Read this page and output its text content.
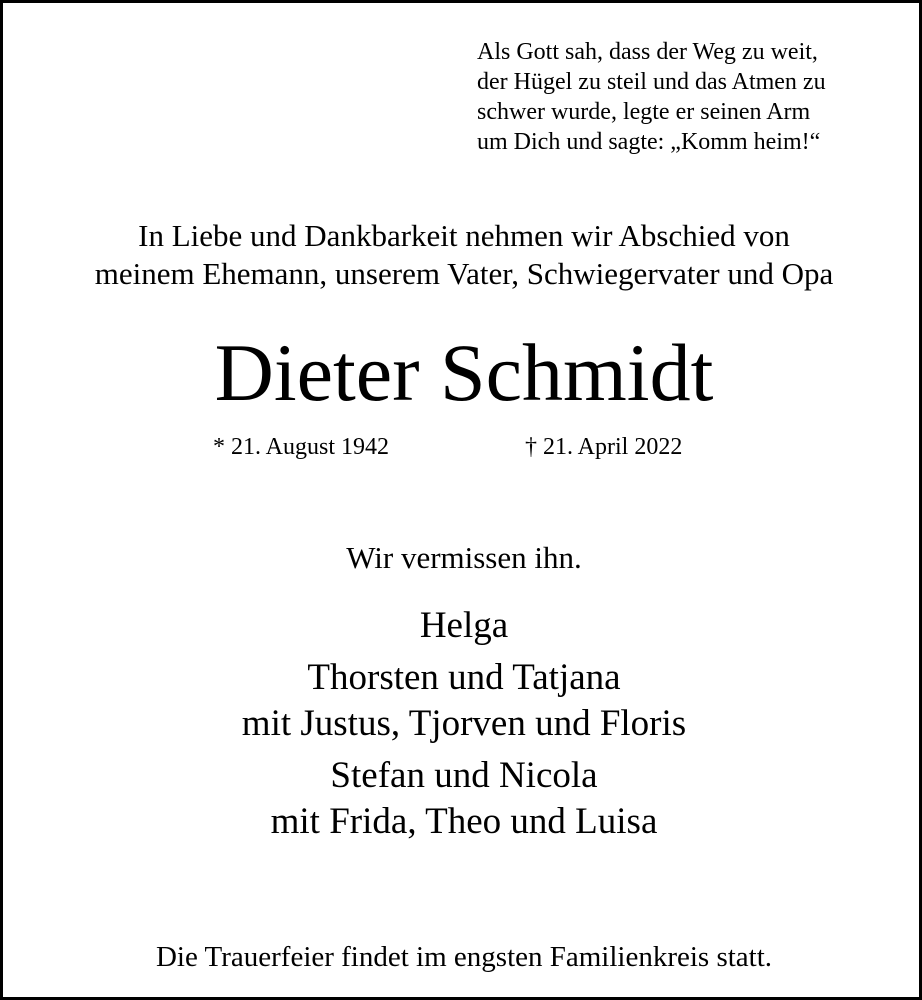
Als Gott sah, dass der Weg zu weit,
der Hügel zu steil und das Atmen zu
schwer wurde, legte er seinen Arm
um Dich und sagte: „Komm heim!“
In Liebe und Dankbarkeit nehmen wir Abschied von
meinem Ehemann, unserem Vater, Schwiegervater und Opa
Dieter Schmidt
* 21. August 1942	† 21. April 2022
Wir vermissen ihn.
Helga
Thorsten und Tatjana
mit Justus, Tjorven und Floris
Stefan und Nicola
mit Frida, Theo und Luisa
Die Trauerfeier findet im engsten Familienkreis statt.
